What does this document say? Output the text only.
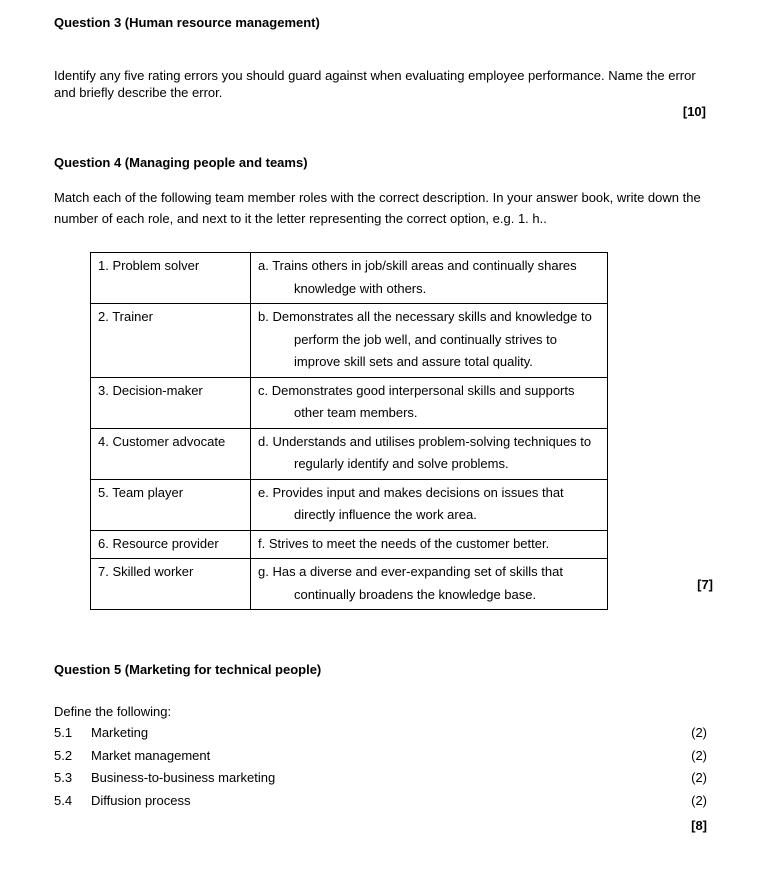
Question 3 (Human resource management)
Identify any five rating errors you should guard against when evaluating employee performance. Name the error and briefly describe the error.
[10]
Question 4 (Managing people and teams)
Match each of the following team member roles with the correct description. In your answer book, write down the number of each role, and next to it the letter representing the correct option, e.g. 1. h..
1. Problem solver	a. Trains others in job/skill areas and continually shares knowledge with others.

2. Trainer	b. Demonstrates all the necessary skills and knowledge to perform the job well, and continually strives to improve skill sets and assure total quality.

3. Decision-maker	c. Demonstrates good interpersonal skills and supports other team members.

4. Customer advocate	d. Understands and utilises problem-solving techniques to regularly identify and solve problems.

5. Team player	e. Provides input and makes decisions on issues that directly influence the work area.

6. Resource provider	f. Strives to meet the needs of the customer better.

7. Skilled worker	g. Has a diverse and ever-expanding set of skills that continually broadens the knowledge base.
[7]
Question 5 (Marketing for technical people)
Define the following:
5.1 Marketing	(2)
5.2 Market management	(2)
5.3 Business-to-business marketing	(2)
5.4 Diffusion process	(2)
[8]
